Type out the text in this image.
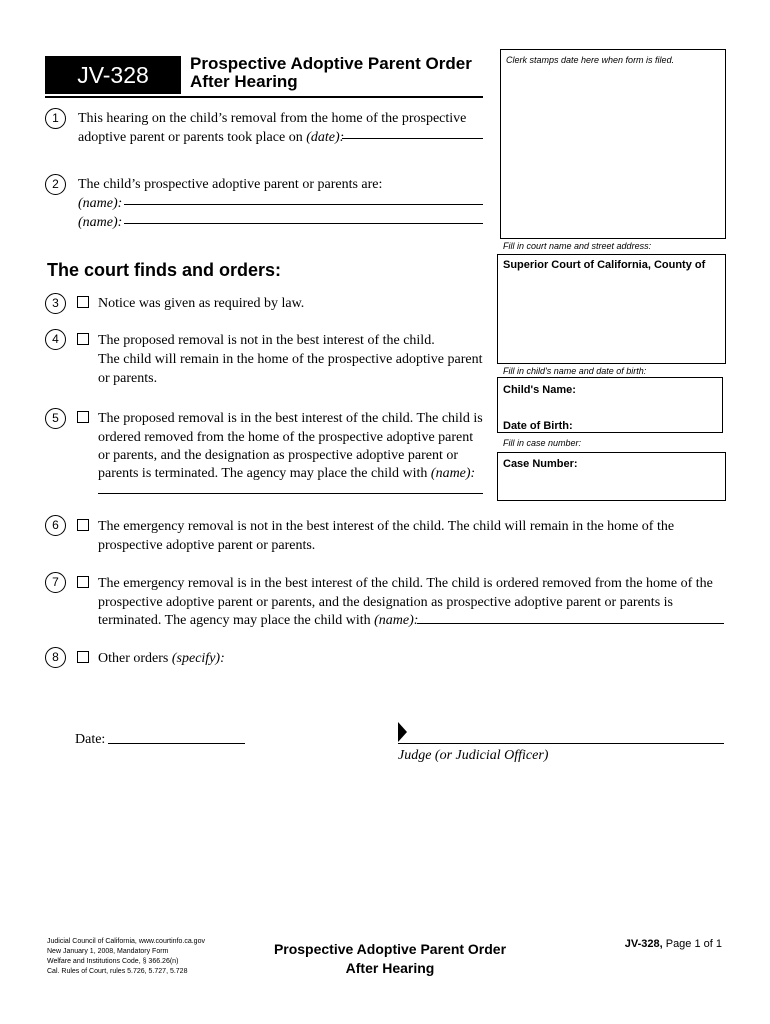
JV-328	Prospective Adoptive Parent Order
After Hearing
Clerk stamps date here when form is filed.
Fill in court name and street address:
Superior Court of California, County of
Fill in child's name and date of birth:
Child's Name:
Date of Birth:
Fill in case number:
Case Number:
1	This hearing on the child’s removal from the home of the prospective
adoptive parent or parents took place on (date):
2	The child’s prospective adoptive parent or parents are:
(name):
(name):
The court finds and orders:
3	Notice was given as required by law.
4	The proposed removal is not in the best interest of the child.
The child will remain in the home of the prospective adoptive parent
or parents.
5	The proposed removal is in the best interest of the child. The child is
ordered removed from the home of the prospective adoptive parent
or parents, and the designation as prospective adoptive parent or
parents is terminated. The agency may place the child with (name):
6	The emergency removal is not in the best interest of the child. The child will remain in the home of the
prospective adoptive parent or parents.
7	The emergency removal is in the best interest of the child. The child is ordered removed from the home of the
prospective adoptive parent or parents, and the designation as prospective adoptive parent or parents is
terminated. The agency may place the child with (name):
8	Other orders (specify):
Date:
Judge (or Judicial Officer)
Judicial Council of California, www.courtinfo.ca.gov
New January 1, 2008, Mandatory Form
Welfare and Institutions Code, § 366.26(n)
Cal. Rules of Court, rules 5.726, 5.727, 5.728
Prospective Adoptive Parent Order
After Hearing
JV-328, Page 1 of 1
